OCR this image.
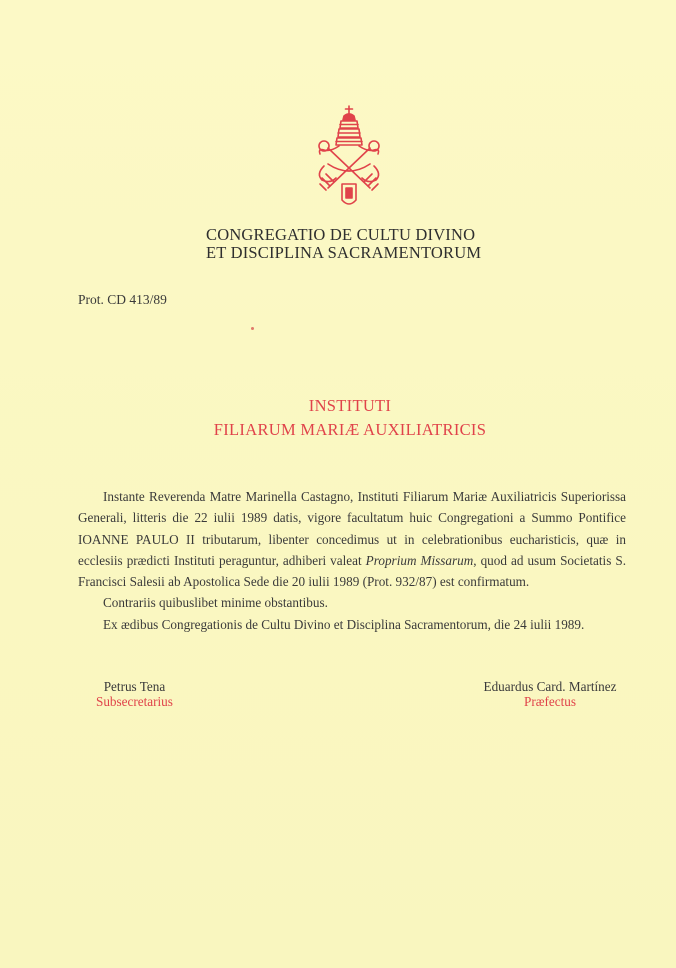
CONGREGATIO DE CULTU DIVINO
ET DISCIPLINA SACRAMENTORUM
Prot. CD 413/89
INSTITUTI
FILIARUM MARIÆ AUXILIATRICIS

Instante Reverenda Matre Marinella Castagno, Instituti Filiarum Mariæ Auxiliatricis Superiorissa Generali, litteris die 22 iulii 1989 datis, vigore facultatum huic Congregationi a Summo Pontifice IOANNE PAULO II tributarum, libenter concedimus ut in celebrationibus eucharisticis, quæ in ecclesiis prædicti Instituti peraguntur, adhiberi valeat Proprium Missarum, quod ad usum Societatis S. Francisci Salesii ab Apostolica Sede die 20 iulii 1989 (Prot. 932/87) est confirmatum.

Contrariis quibuslibet minime obstantibus.

Ex ædibus Congregationis de Cultu Divino et Disciplina Sacramentorum, die 24 iulii 1989.

Petrus Tena
Subsecretarius
Eduardus Card. Martínez
Præfectus
